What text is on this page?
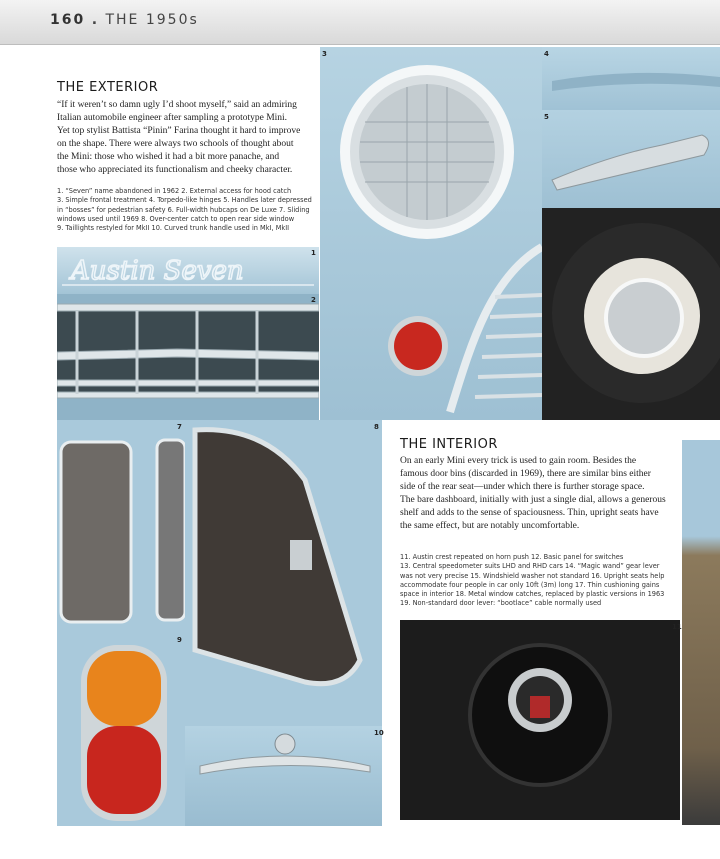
160 . THE 1950s
THE EXTERIOR
“If it weren’t so damn ugly I’d shoot myself,” said an admiring
Italian automobile engineer after sampling a prototype Mini.
Yet top stylist Battista “Pinin” Farina thought it hard to improve
on the shape. There were always two schools of thought about
the Mini: those who wished it had a bit more panache, and
those who appreciated its functionalism and cheeky character.
1. “Seven” name abandoned in 1962 2. External access for hood catch
3. Simple frontal treatment 4. Torpedo-like hinges 5. Handles later depressed
in “bosses” for pedestrian safety 6. Full-width hubcaps on De Luxe 7. Sliding
windows used until 1969 8. Over-center catch to open rear side window
9. Taillights restyled for MkII 10. Curved trunk handle used in MkI, MkII
Austin Seven
1
2
3	4
5
6
7	8
9
10
THE INTERIOR
On an early Mini every trick is used to gain room. Besides the
famous door bins (discarded in 1969), there are similar bins either
side of the rear seat—under which there is further storage space.
The bare dashboard, initially with just a single dial, allows a generous
shelf and adds to the sense of spaciousness. Thin, upright seats have
the same effect, but are notably uncomfortable.
11. Austin crest repeated on horn push 12. Basic panel for switches
13. Central speedometer suits LHD and RHD cars 14. “Magic wand” gear lever
was not very precise 15. Windshield washer not standard 16. Upright seats help
accommodate four people in car only 10ft (3m) long 17. Thin cushioning gains
space in interior 18. Metal window catches, replaced by plastic versions in 1963
19. Non-standard door lever: “bootlace” cable normally used
11
